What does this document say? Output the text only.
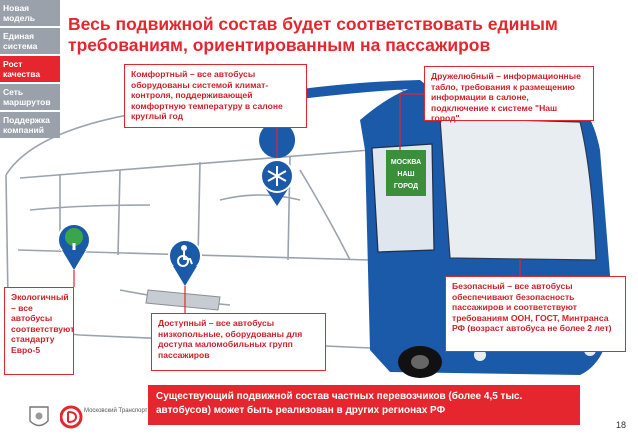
МОСКВА
НАШ
ГОРОД
Новая модель
Единая система
Рост качества
Сеть маршрутов
Поддержка компаний
Весь подвижной состав будет соответствовать единым требованиям, ориентированным на пассажиров
Комфортный – все автобусы оборудованы системой климат-контроля, поддерживающей комфортную температуру в салоне круглый год
Дружелюбный – информационные табло, требования к размещению информации в салоне, подключение к системе "Наш город"
Экологичный – все автобусы соответствуют стандарту Евро-5
Доступный – все автобусы низкопольные, оборудованы для доступа маломобильных групп пассажиров
Безопасный – все автобусы обеспечивают безопасность пассажиров и соответствуют требованиям ООН, ГОСТ, Минтранса РФ (возраст автобуса не более 2 лет)
Существующий подвижной состав частных перевозчиков (более 4,5 тыс. автобусов) может быть реализован в других регионах РФ
Московский Транспорт
18
